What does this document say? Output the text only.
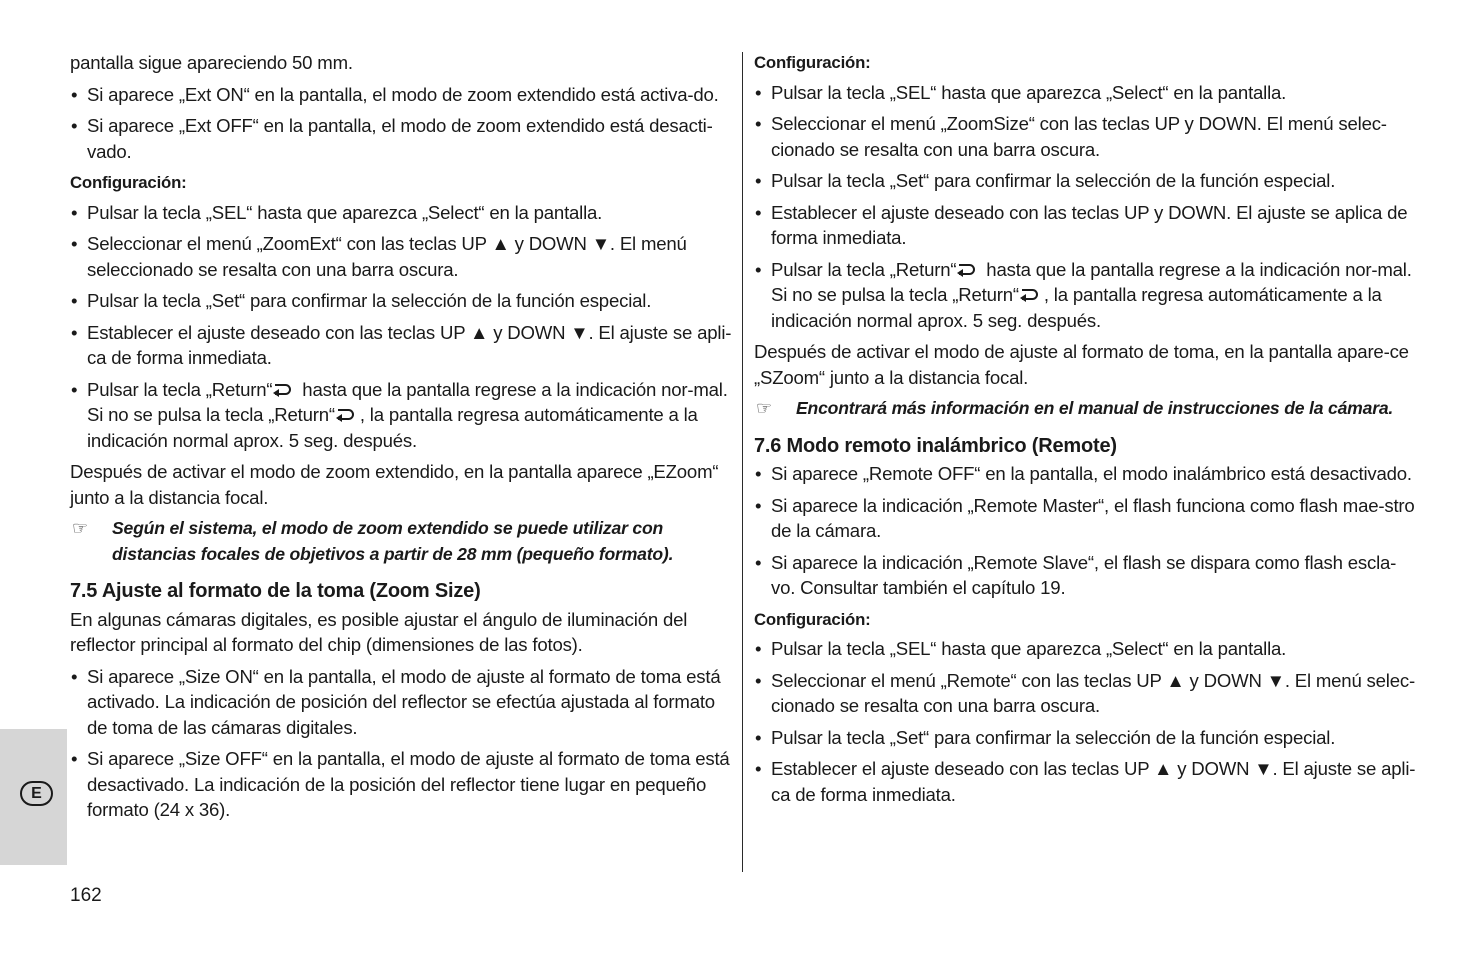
E

pantalla sigue apareciendo 50 mm.

• Si aparece „Ext ON“ en la pantalla, el modo de zoom extendido está activa-do.
• Si aparece „Ext OFF“ en la pantalla, el modo de zoom extendido está desacti-vado.

Configuración:

• Pulsar la tecla „SEL“ hasta que aparezca „Select“ en la pantalla.
• Seleccionar el menú „ZoomExt“ con las teclas UP ▲ y DOWN ▼. El menú seleccionado se resalta con una barra oscura.
• Pulsar la tecla „Set“ para confirmar la selección de la función especial.
• Establecer el ajuste deseado con las teclas UP ▲ y DOWN ▼. El ajuste se apli-ca de forma inmediata.
• Pulsar la tecla „Return“ hasta que la pantalla regrese a la indicación nor-mal. Si no se pulsa la tecla „Return“ , la pantalla regresa automáticamente a la indicación normal aprox. 5 seg. después.

Después de activar el modo de zoom extendido, en la pantalla aparece „EZoom“ junto a la distancia focal.

☞ Según el sistema, el modo de zoom extendido se puede utilizar con distancias focales de objetivos a partir de 28 mm (pequeño formato).

7.5 Ajuste al formato de la toma (Zoom Size)

En algunas cámaras digitales, es posible ajustar el ángulo de iluminación del reflector principal al formato del chip (dimensiones de las fotos).

• Si aparece „Size ON“ en la pantalla, el modo de ajuste al formato de toma está activado. La indicación de posición del reflector se efectúa ajustada al formato de toma de las cámaras digitales.
• Si aparece „Size OFF“ en la pantalla, el modo de ajuste al formato de toma está desactivado. La indicación de la posición del reflector tiene lugar en pequeño formato (24 x 36).

Configuración:

• Pulsar la tecla „SEL“ hasta que aparezca „Select“ en la pantalla.
• Seleccionar el menú „ZoomSize“ con las teclas UP y DOWN. El menú selec-cionado se resalta con una barra oscura.
• Pulsar la tecla „Set“ para confirmar la selección de la función especial.
• Establecer el ajuste deseado con las teclas UP y DOWN. El ajuste se aplica de forma inmediata.
• Pulsar la tecla „Return“ hasta que la pantalla regrese a la indicación nor-mal. Si no se pulsa la tecla „Return“ , la pantalla regresa automáticamente a la indicación normal aprox. 5 seg. después.

Después de activar el modo de ajuste al formato de toma, en la pantalla apare-ce „SZoom“ junto a la distancia focal.

☞ Encontrará más información en el manual de instrucciones de la cámara.

7.6 Modo remoto inalámbrico (Remote)

• Si aparece „Remote OFF“ en la pantalla, el modo inalámbrico está desactivado.
• Si aparece la indicación „Remote Master“, el flash funciona como flash mae-stro de la cámara.
• Si aparece la indicación „Remote Slave“, el flash se dispara como flash escla-vo. Consultar también el capítulo 19.

Configuración:

• Pulsar la tecla „SEL“ hasta que aparezca „Select“ en la pantalla.
• Seleccionar el menú „Remote“ con las teclas UP ▲ y DOWN ▼. El menú selec-cionado se resalta con una barra oscura.
• Pulsar la tecla „Set“ para confirmar la selección de la función especial.
• Establecer el ajuste deseado con las teclas UP ▲ y DOWN ▼. El ajuste se apli-ca de forma inmediata.
162
